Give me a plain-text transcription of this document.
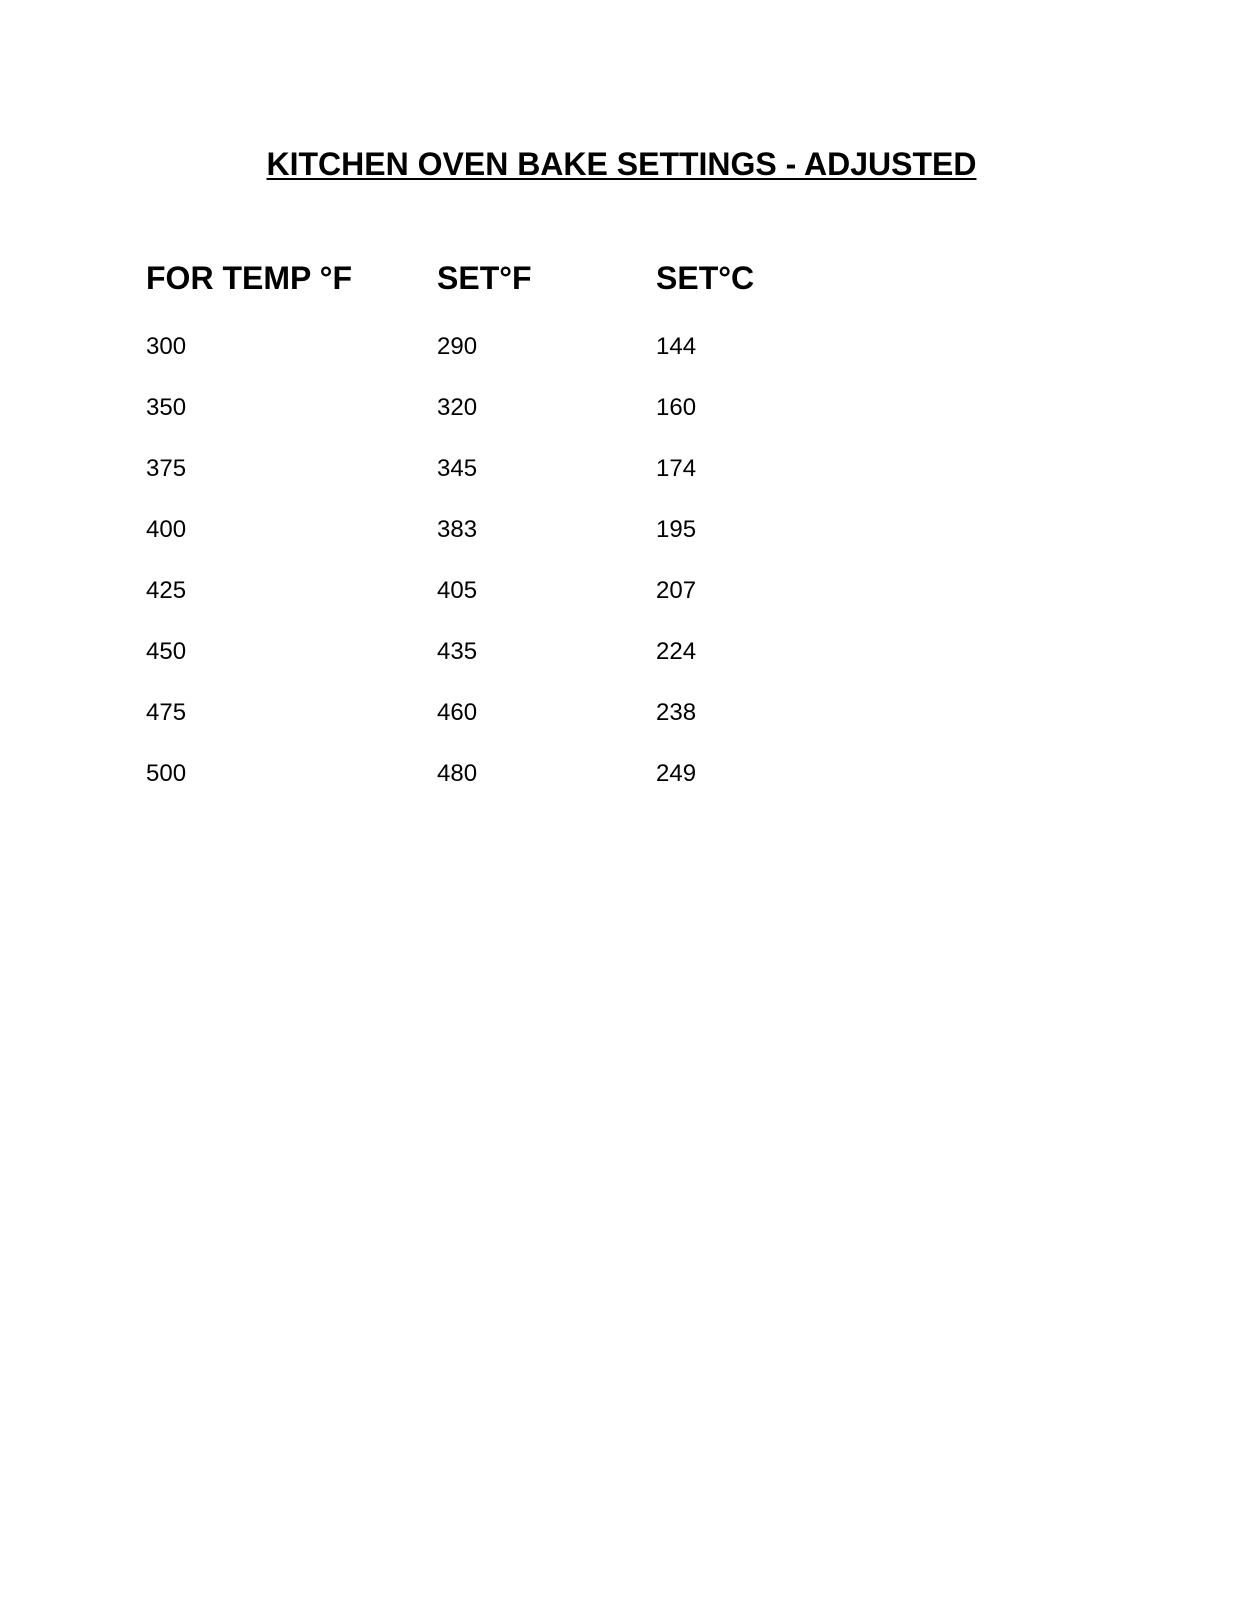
KITCHEN OVEN BAKE SETTINGS - ADJUSTED
FOR TEMP °F	SET°F	SET°C
300	290	144
350	320	160
375	345	174
400	383	195
425	405	207
450	435	224
475	460	238
500	480	249
